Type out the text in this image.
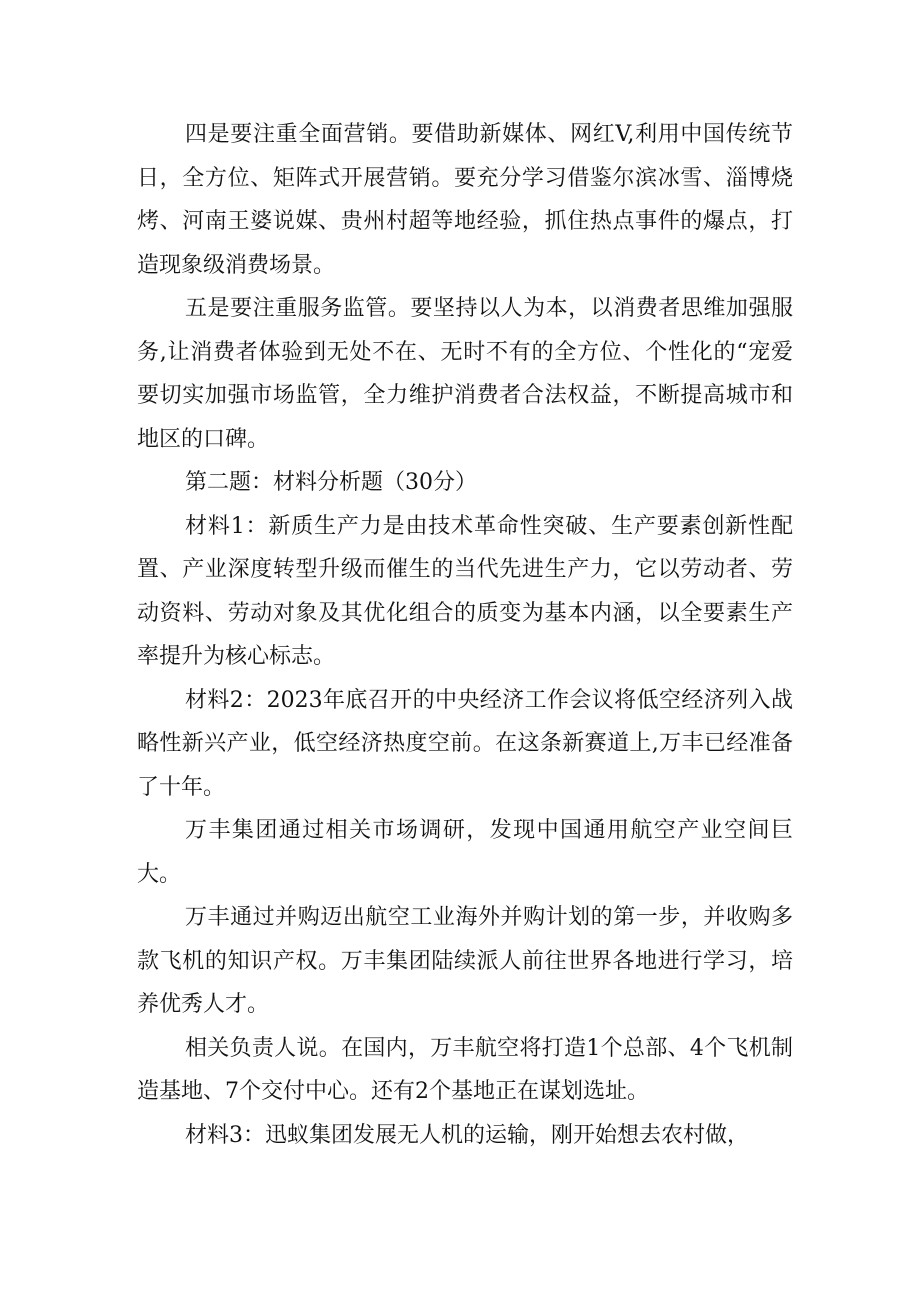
四是要注重全面营销。要借助新媒体、网红V,利用中国传统节日，全方位、矩阵式开展营销。要充分学习借鉴尔滨冰雪、淄博烧烤、河南王婆说媒、贵州村超等地经验，抓住热点事件的爆点，打造现象级消费场景。

五是要注重服务监管。要坚持以人为本，以消费者思维加强服务,让消费者体验到无处不在、无时不有的全方位、个性化的“宠爱要切实加强市场监管，全力维护消费者合法权益，不断提高城市和地区的口碑。

第二题：材料分析题（30分）

材料1：新质生产力是由技术革命性突破、生产要素创新性配置、产业深度转型升级而催生的当代先进生产力，它以劳动者、劳动资料、劳动对象及其优化组合的质变为基本内涵，以全要素生产率提升为核心标志。

材料2：2023年底召开的中央经济工作会议将低空经济列入战略性新兴产业，低空经济热度空前。在这条新赛道上,万丰已经准备了十年。

万丰集团通过相关市场调研，发现中国通用航空产业空间巨大。

万丰通过并购迈出航空工业海外并购计划的第一步，并收购多款飞机的知识产权。万丰集团陆续派人前往世界各地进行学习，培养优秀人才。

相关负责人说。在国内，万丰航空将打造1个总部、4个飞机制造基地、7个交付中心。还有2个基地正在谋划选址。

材料3：迅蚁集团发展无人机的运输，刚开始想去农村做，
